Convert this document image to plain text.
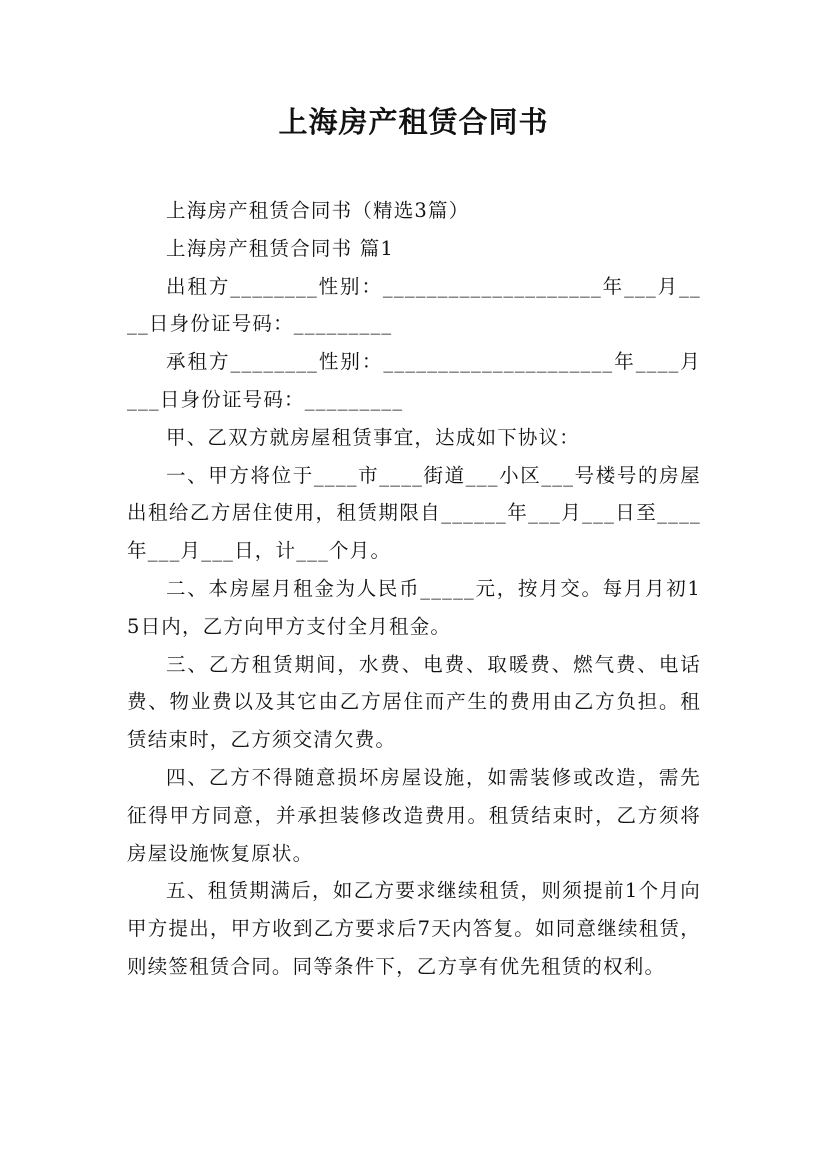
上海房产租赁合同书

上海房产租赁合同书（精选3篇）

上海房产租赁合同书 篇1

出租方________性别：____________________年___月____日身份证号码：_________

承租方________性别：_____________________年____月___日身份证号码：_________

甲、乙双方就房屋租赁事宜，达成如下协议：

一、甲方将位于____市____街道___小区___号楼号的房屋出租给乙方居住使用，租赁期限自______年___月___日至____年___月___日，计___个月。

二、本房屋月租金为人民币_____元，按月交。每月月初15日内，乙方向甲方支付全月租金。

三、乙方租赁期间，水费、电费、取暖费、燃气费、电话费、物业费以及其它由乙方居住而产生的费用由乙方负担。租赁结束时，乙方须交清欠费。

四、乙方不得随意损坏房屋设施，如需装修或改造，需先征得甲方同意，并承担装修改造费用。租赁结束时，乙方须将房屋设施恢复原状。

五、租赁期满后，如乙方要求继续租赁，则须提前1个月向甲方提出，甲方收到乙方要求后7天内答复。如同意继续租赁，则续签租赁合同。同等条件下，乙方享有优先租赁的权利。
